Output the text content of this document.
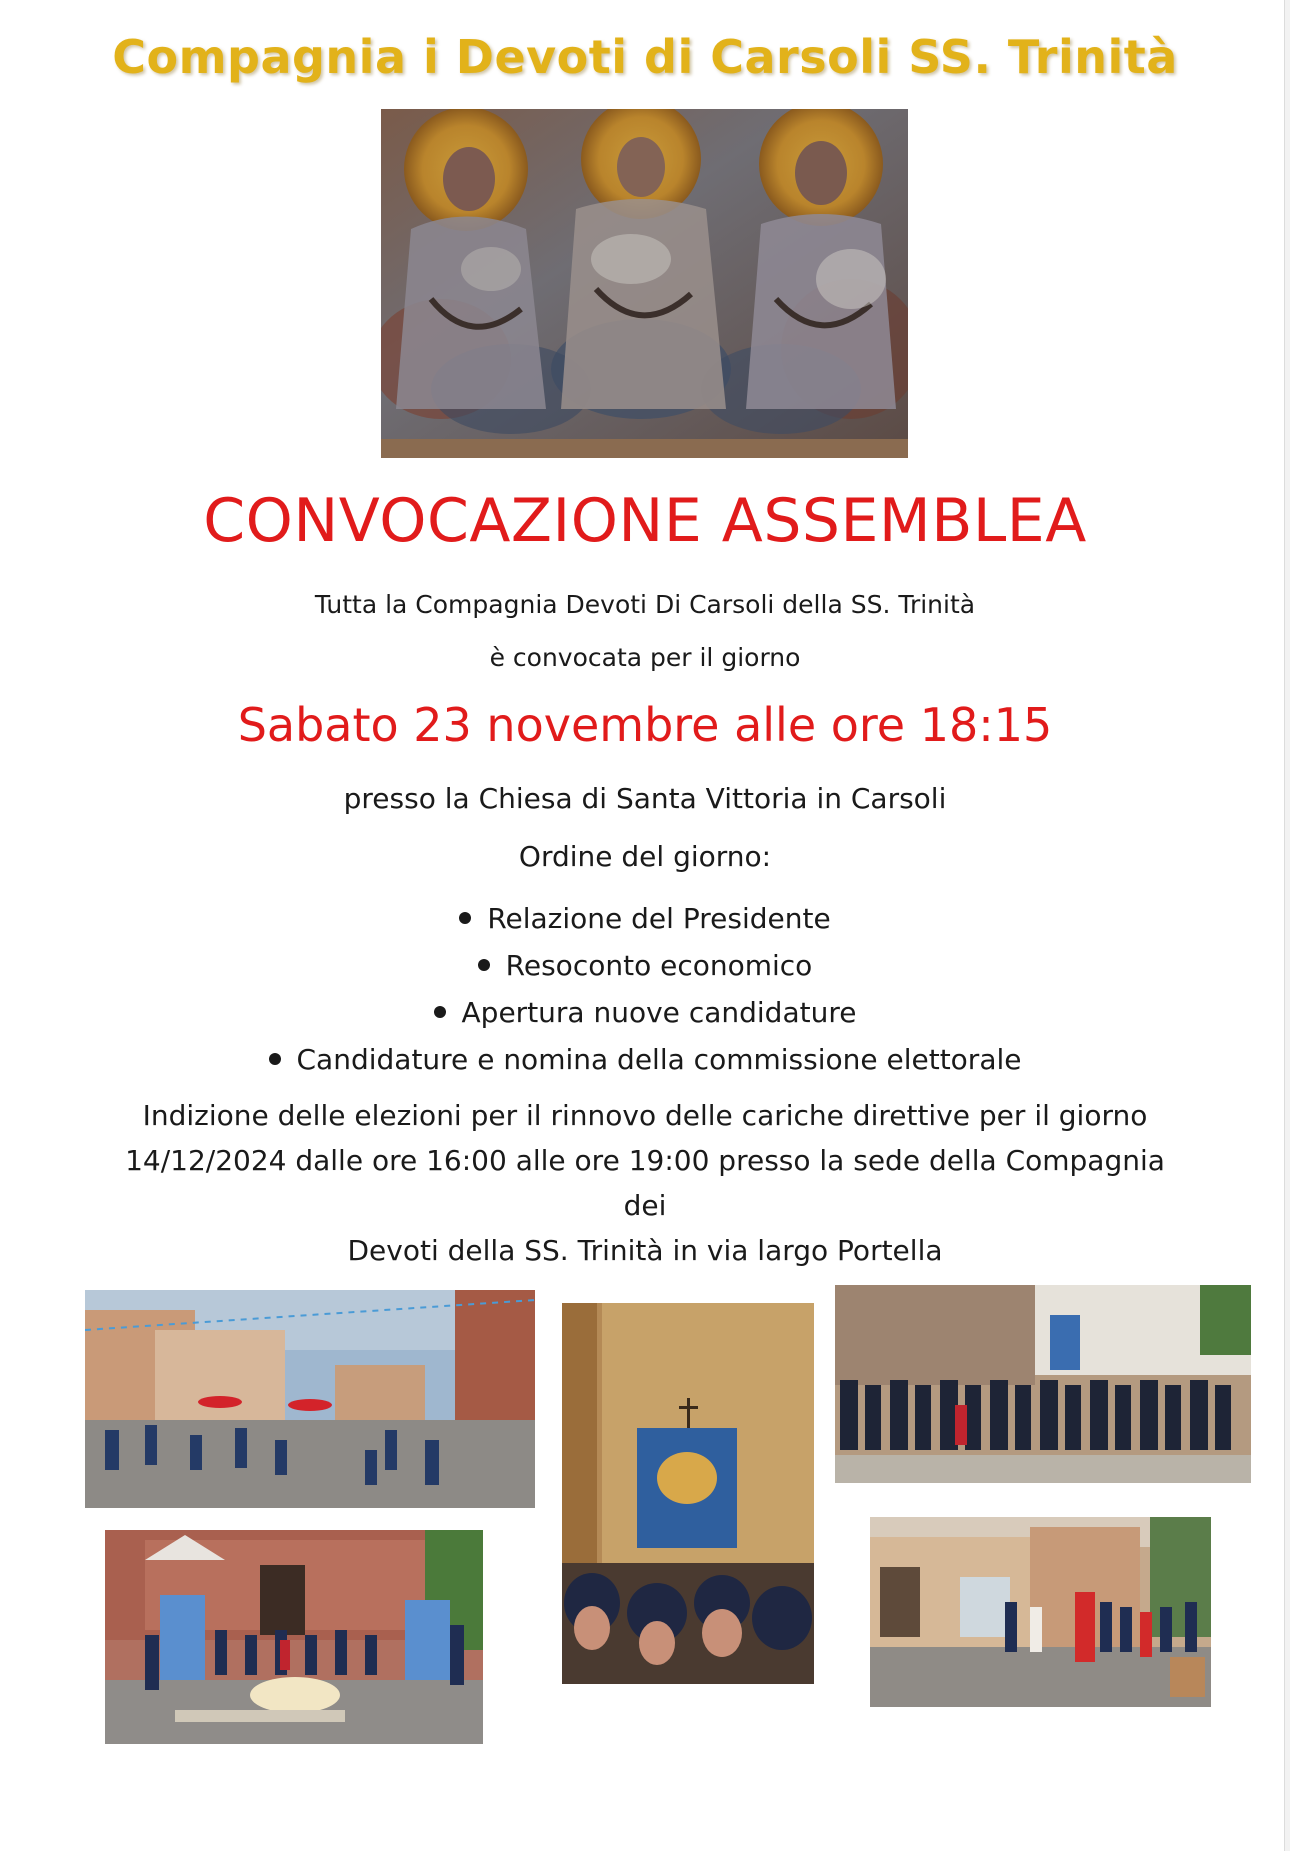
Compagnia i Devoti di Carsoli SS. Trinità
CONVOCAZIONE ASSEMBLEA
Tutta la Compagnia Devoti Di Carsoli della SS. Trinità
è convocata per il giorno
Sabato 23 novembre alle ore 18:15
presso la Chiesa di Santa Vittoria in Carsoli
Ordine del giorno:
Relazione del Presidente
Resoconto economico
Apertura nuove candidature
Candidature e nomina della commissione elettorale
Indizione delle elezioni per il rinnovo delle cariche direttive per il giorno
14/12/2024 dalle ore 16:00 alle ore 19:00 presso la sede della Compagnia dei
Devoti della SS. Trinità in via largo Portella
